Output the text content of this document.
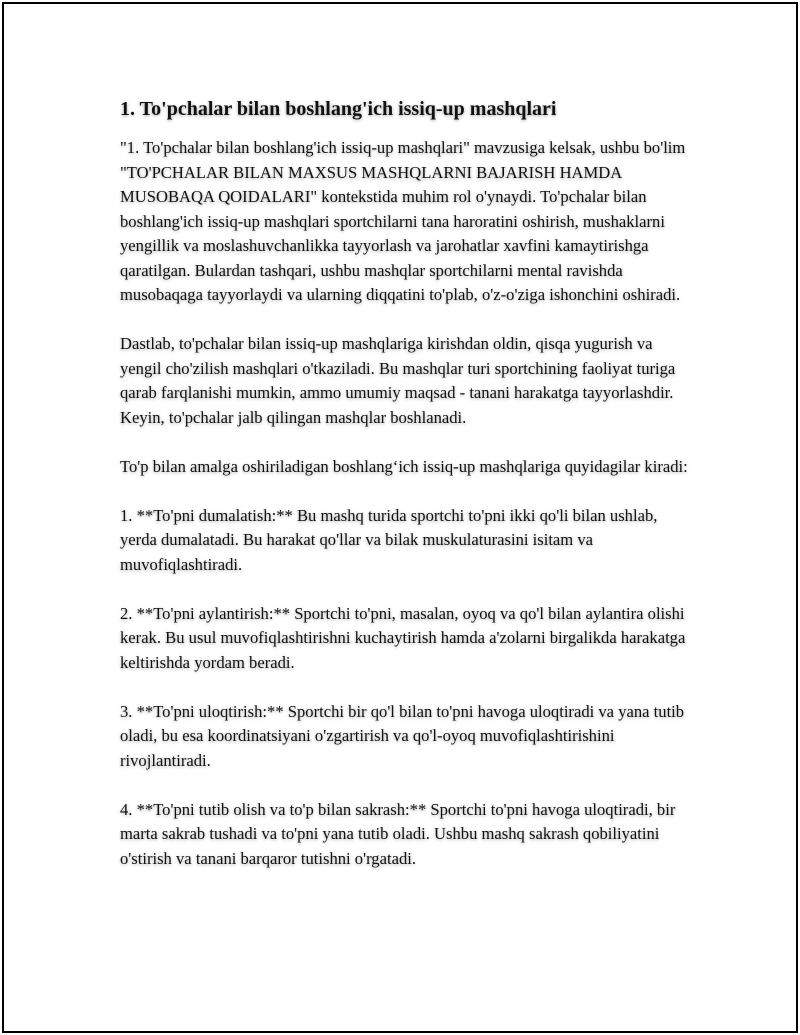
1. To'pchalar bilan boshlang'ich issiq-up mashqlari

"1. To'pchalar bilan boshlang'ich issiq-up mashqlari" mavzusiga kelsak, ushbu bo'lim "TO'PCHALAR BILAN MAXSUS MASHQLARNI BAJARISH HAMDA MUSOBAQA QOIDALARI" kontekstida muhim rol o'ynaydi. To'pchalar bilan boshlang'ich issiq-up mashqlari sportchilarni tana haroratini oshirish, mushaklarni yengillik va moslashuvchanlikka tayyorlash va jarohatlar xavfini kamaytirishga qaratilgan. Bulardan tashqari, ushbu mashqlar sportchilarni mental ravishda musobaqaga tayyorlaydi va ularning diqqatini to'plab, o'z-o'ziga ishonchini oshiradi.

Dastlab, to'pchalar bilan issiq-up mashqlariga kirishdan oldin, qisqa yugurish va yengil cho'zilish mashqlari o'tkaziladi. Bu mashqlar turi sportchining faoliyat turiga qarab farqlanishi mumkin, ammo umumiy maqsad - tanani harakatga tayyorlashdir. Keyin, to'pchalar jalb qilingan mashqlar boshlanadi.

To'p bilan amalga oshiriladigan boshlang‘ich issiq-up mashqlariga quyidagilar kiradi:

1. **To'pni dumalatish:** Bu mashq turida sportchi to'pni ikki qo'li bilan ushlab, yerda dumalatadi. Bu harakat qo'llar va bilak muskulaturasini isitam va muvofiqlashtiradi.

2. **To'pni aylantirish:** Sportchi to'pni, masalan, oyoq va qo'l bilan aylantira olishi kerak. Bu usul muvofiqlashtirishni kuchaytirish hamda a'zolarni birgalikda harakatga keltirishda yordam beradi.

3. **To'pni uloqtirish:** Sportchi bir qo'l bilan to'pni havoga uloqtiradi va yana tutib oladi, bu esa koordinatsiyani o'zgartirish va qo'l-oyoq muvofiqlashtirishini rivojlantiradi.

4. **To'pni tutib olish va to'p bilan sakrash:** Sportchi to'pni havoga uloqtiradi, bir marta sakrab tushadi va to'pni yana tutib oladi. Ushbu mashq sakrash qobiliyatini o'stirish va tanani barqaror tutishni o'rgatadi.
